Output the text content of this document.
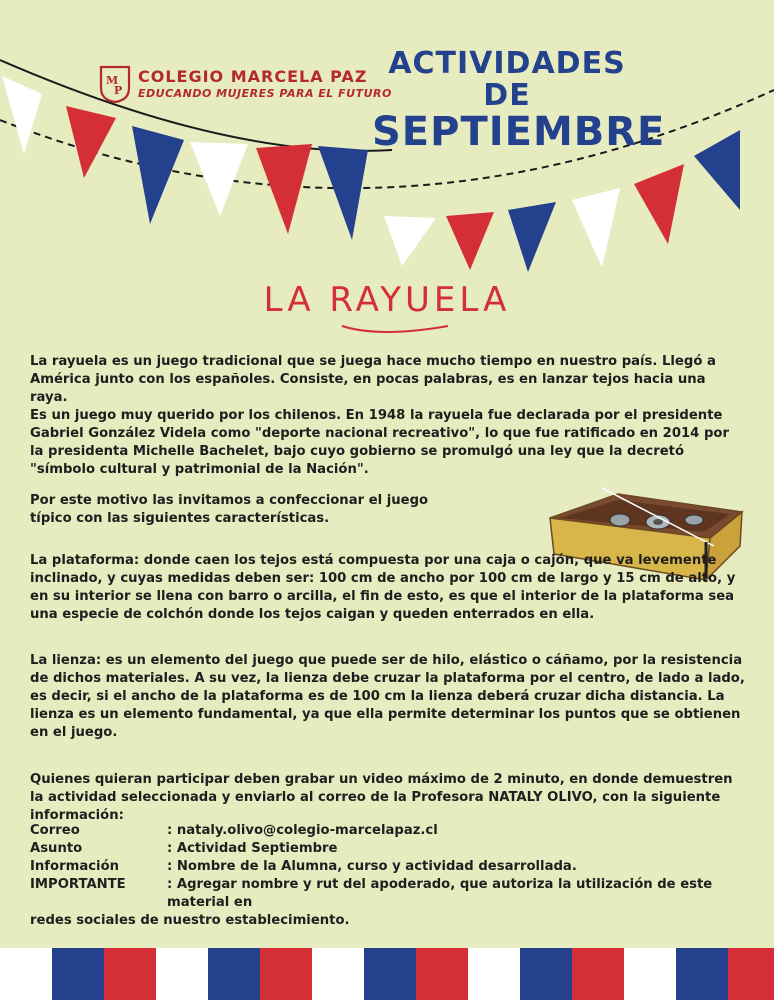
M
P
COLEGIO MARCELA PAZ
EDUCANDO MUJERES PARA EL FUTURO
ACTIVIDADES DE
SEPTIEMBRE
LA RAYUELA

La rayuela es un juego tradicional que se juega hace mucho tiempo en nuestro país. Llegó a América junto con los españoles. Consiste, en pocas palabras, es en lanzar tejos hacia una raya.

Es un juego muy querido por los chilenos. En 1948 la rayuela fue declarada por el presidente Gabriel González Videla como "deporte nacional recreativo", lo que fue ratificado en 2014 por la presidenta Michelle Bachelet, bajo cuyo gobierno se promulgó una ley que la decretó "símbolo cultural y patrimonial de la Nación".

Por este motivo las invitamos a confeccionar el juego típico con las siguientes características.
La plataforma: donde caen los tejos está compuesta por una caja o cajón, que va levemente inclinado, y cuyas medidas deben ser: 100 cm de ancho por 100 cm de largo y 15 cm de alto, y en su interior se llena con barro o arcilla, el fin de esto, es que el interior de la plataforma sea una especie de colchón donde los tejos caigan y queden enterrados en ella.
La lienza: es un elemento del juego que puede ser de hilo, elástico o cáñamo, por la resistencia de dichos materiales. A su vez, la lienza debe cruzar la plataforma por el centro, de lado a lado, es decir, si el ancho de la plataforma es de 100 cm la lienza deberá cruzar dicha distancia. La lienza es un elemento fundamental, ya que ella permite determinar los puntos que se obtienen en el juego.
Quienes quieran participar deben grabar un video máximo de 2 minuto, en donde demuestren la actividad seleccionada y enviarlo al correo de la Profesora NATALY OLIVO, con la siguiente información:
Correo	: nataly.olivo@colegio-marcelapaz.cl
Asunto	: Actividad Septiembre
Información	: Nombre de la Alumna, curso y actividad desarrollada.
IMPORTANTE	: Agregar nombre y rut del apoderado, que autoriza la utilización de este material en

redes sociales de nuestro establecimiento.
